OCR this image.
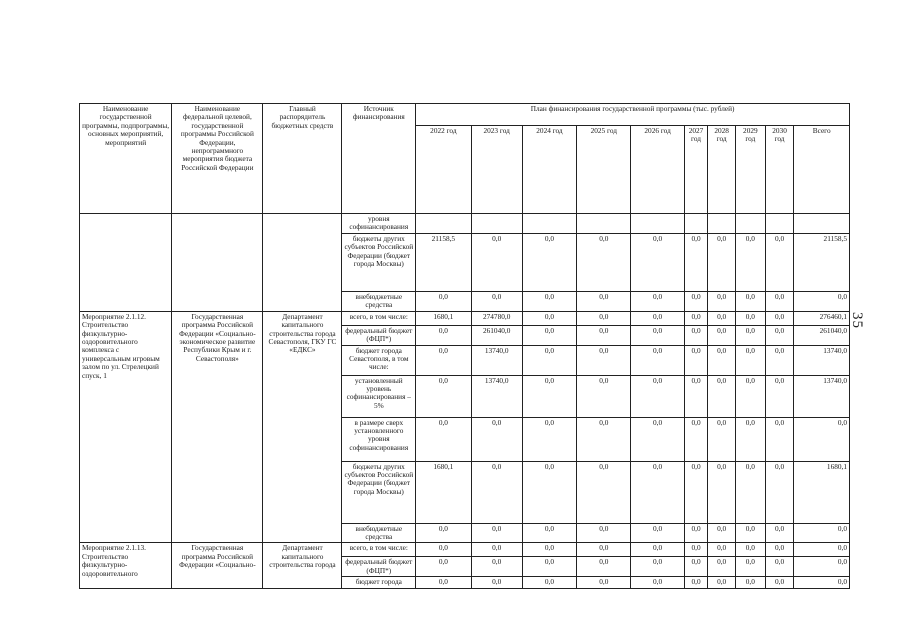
35
Наименование государственной программы, подпрограммы, основных мероприятий, мероприятий	Наименование федеральной целевой, государственной программы Российской Федерации, непрограммного мероприятия бюджета Российской Федерации	Главный распорядитель бюджетных средств	Источник финансирования	План финансирования государственной программы (тыс. рублей)									
				2022 год	2023 год	2024 год	2025 год	2026 год	2027 год	2028 год	2029 год	2030 год	Всего
			уровня софинансирования										
			бюджеты других субъектов Российской Федерации (бюджет города Москвы)	21158,5	0,0	0,0	0,0	0,0	0,0	0,0	0,0	0,0	21158,5
			внебюджетные средства	0,0	0,0	0,0	0,0	0,0	0,0	0,0	0,0	0,0	0,0
Мероприятие 2.1.12. Строительство физкультурно-оздоровительного комплекса с универсальным игровым залом по ул. Стрелецкий спуск, 1	Государственная программа Российской Федерации «Социально-экономическое развитие Республики Крым и г. Севастополя»	Департамент капитального строительства города Севастополя, ГКУ ГС «ЕДКС»	всего, в том числе:	1680,1	274780,0	0,0	0,0	0,0	0,0	0,0	0,0	0,0	276460,1
			федеральный бюджет (ФЦП*)	0,0	261040,0	0,0	0,0	0,0	0,0	0,0	0,0	0,0	261040,0
			бюджет города Севастополя, в том числе:	0,0	13740,0	0,0	0,0	0,0	0,0	0,0	0,0	0,0	13740,0
			установленный уровень софинансирования – 5%	0,0	13740,0	0,0	0,0	0,0	0,0	0,0	0,0	0,0	13740,0
			в размере сверх установленного уровня софинансирования	0,0	0,0	0,0	0,0	0,0	0,0	0,0	0,0	0,0	0,0
			бюджеты других субъектов Российской Федерации (бюджет города Москвы)	1680,1	0,0	0,0	0,0	0,0	0,0	0,0	0,0	0,0	1680,1
			внебюджетные средства	0,0	0,0	0,0	0,0	0,0	0,0	0,0	0,0	0,0	0,0
Мероприятие 2.1.13. Строительство физкультурно-оздоровительного	Государственная программа Российской Федерации «Социально-	Департамент капитального строительства города	всего, в том числе:	0,0	0,0	0,0	0,0	0,0	0,0	0,0	0,0	0,0	0,0
			федеральный бюджет (ФЦП*)	0,0	0,0	0,0	0,0	0,0	0,0	0,0	0,0	0,0	0,0
			бюджет города	0,0	0,0	0,0	0,0	0,0	0,0	0,0	0,0	0,0	0,0
